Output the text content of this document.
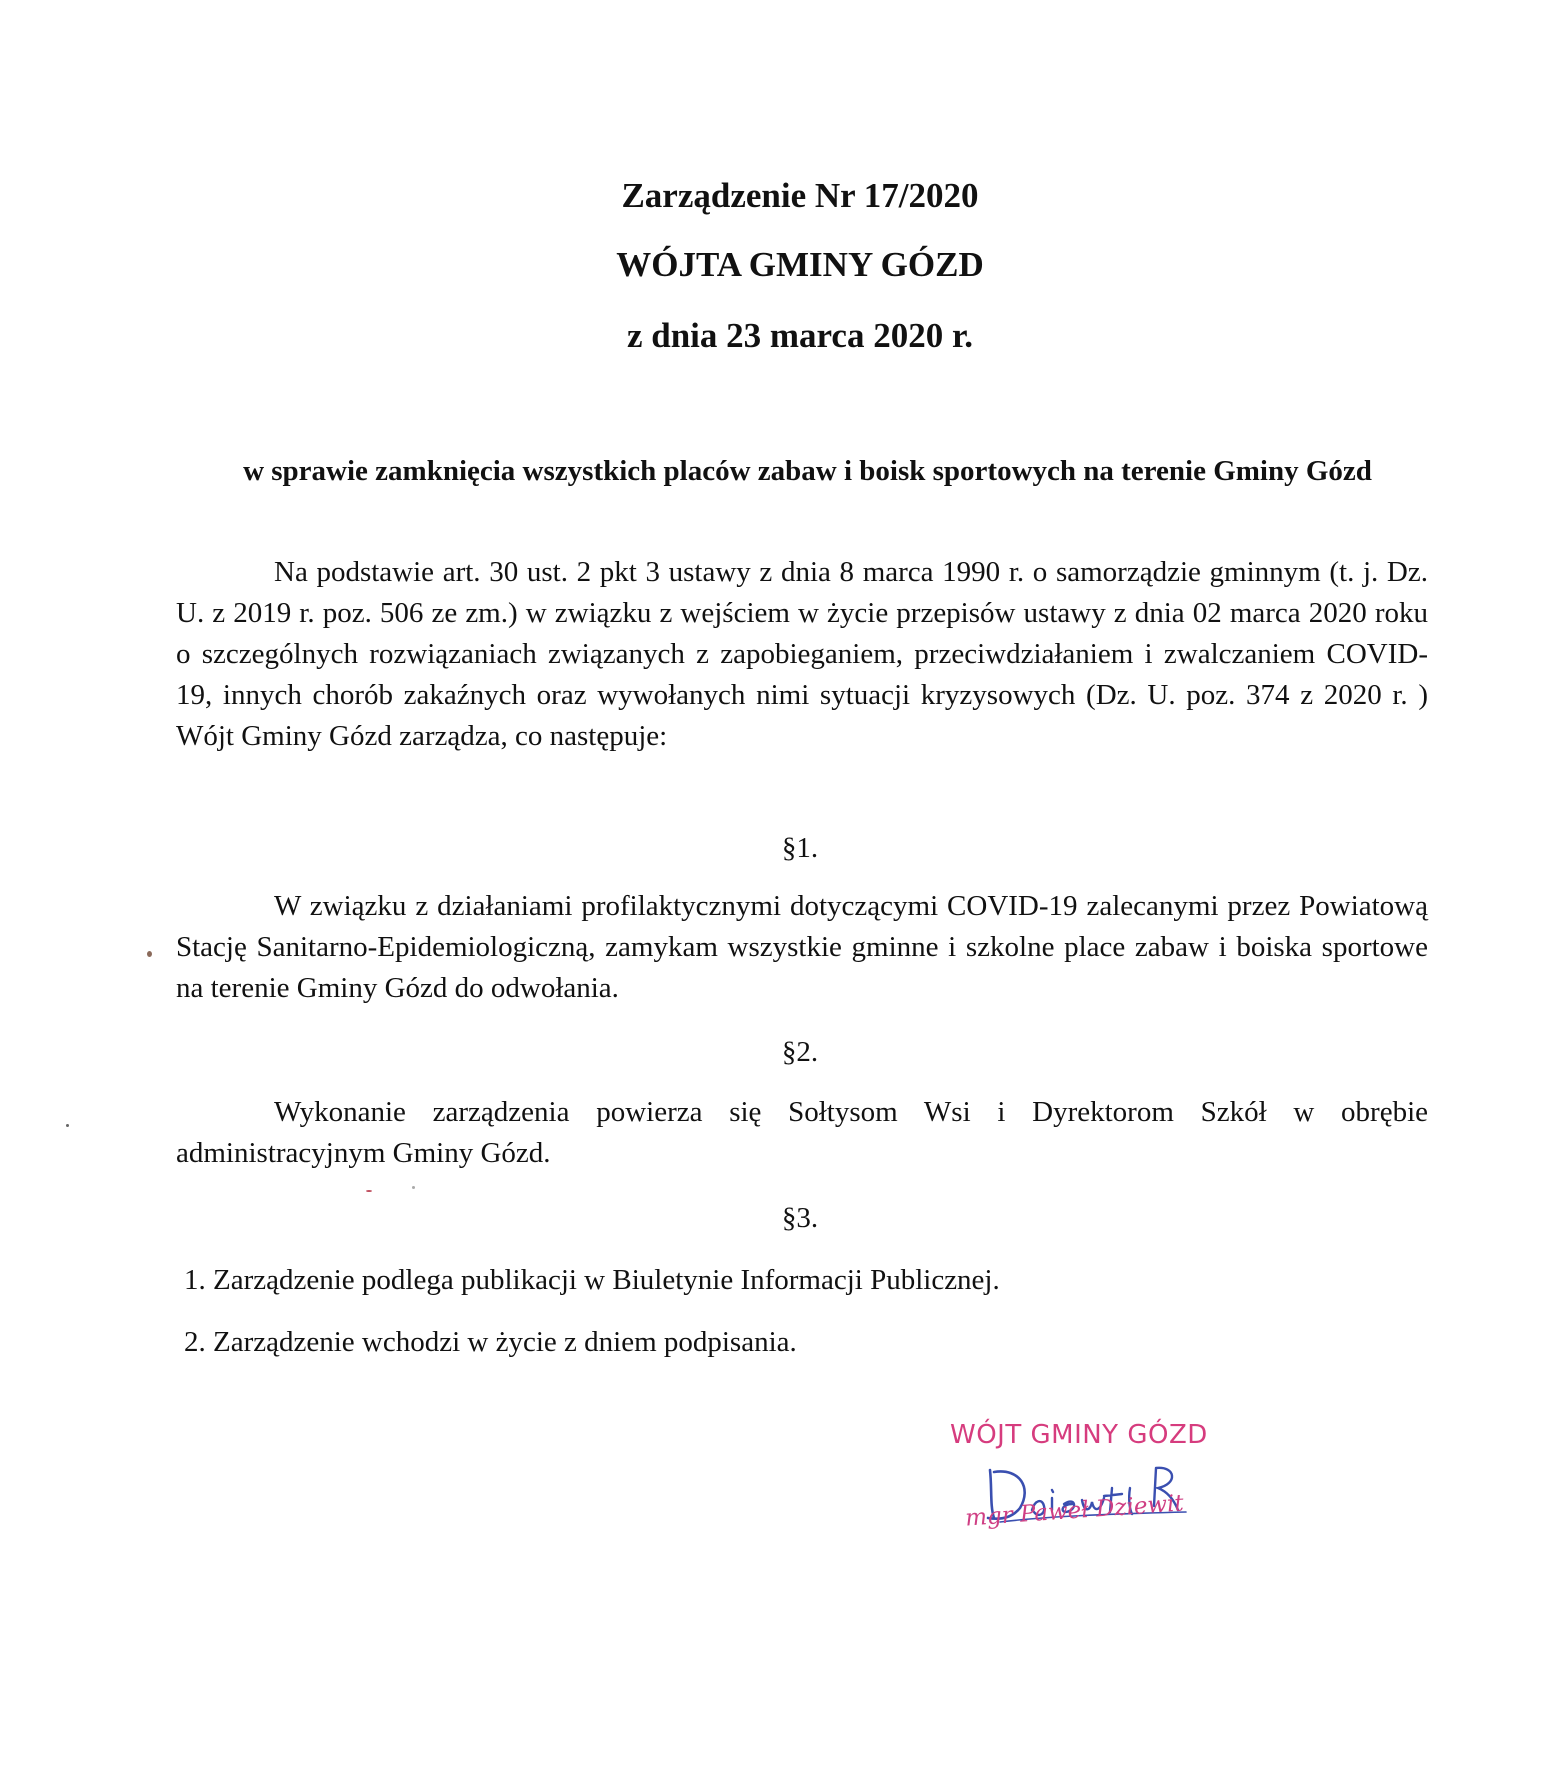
Zarządzenie Nr 17/2020
WÓJTA GMINY GÓZD
z dnia 23 marca 2020 r.
w sprawie zamknięcia wszystkich placów zabaw i boisk sportowych na terenie Gminy Gózd
Na podstawie art. 30 ust. 2 pkt 3 ustawy z dnia 8 marca 1990 r. o samorządzie gminnym (t. j. Dz. U. z 2019 r. poz. 506 ze zm.) w związku z wejściem w życie przepisów ustawy z dnia 02 marca 2020 roku o szczególnych rozwiązaniach związanych z zapobieganiem, przeciwdziałaniem i zwalczaniem COVID-19, innych chorób zakaźnych oraz wywołanych nimi sytuacji kryzysowych (Dz. U. poz. 374 z 2020 r. ) Wójt Gminy Gózd zarządza, co następuje:
§1.
W związku z działaniami profilaktycznymi dotyczącymi COVID-19 zalecanymi przez Powiatową Stację Sanitarno-Epidemiologiczną, zamykam wszystkie gminne i szkolne place zabaw i boiska sportowe na terenie Gminy Gózd do odwołania.
§2.
Wykonanie zarządzenia powierza się Sołtysom Wsi i Dyrektorom Szkół w obrębie administracyjnym Gminy Gózd.
§3.
1. Zarządzenie podlega publikacji w Biuletynie Informacji Publicznej.
2. Zarządzenie wchodzi w życie z dniem podpisania.
WÓJT GMINY GÓZD
mgr Paweł Dziewit
